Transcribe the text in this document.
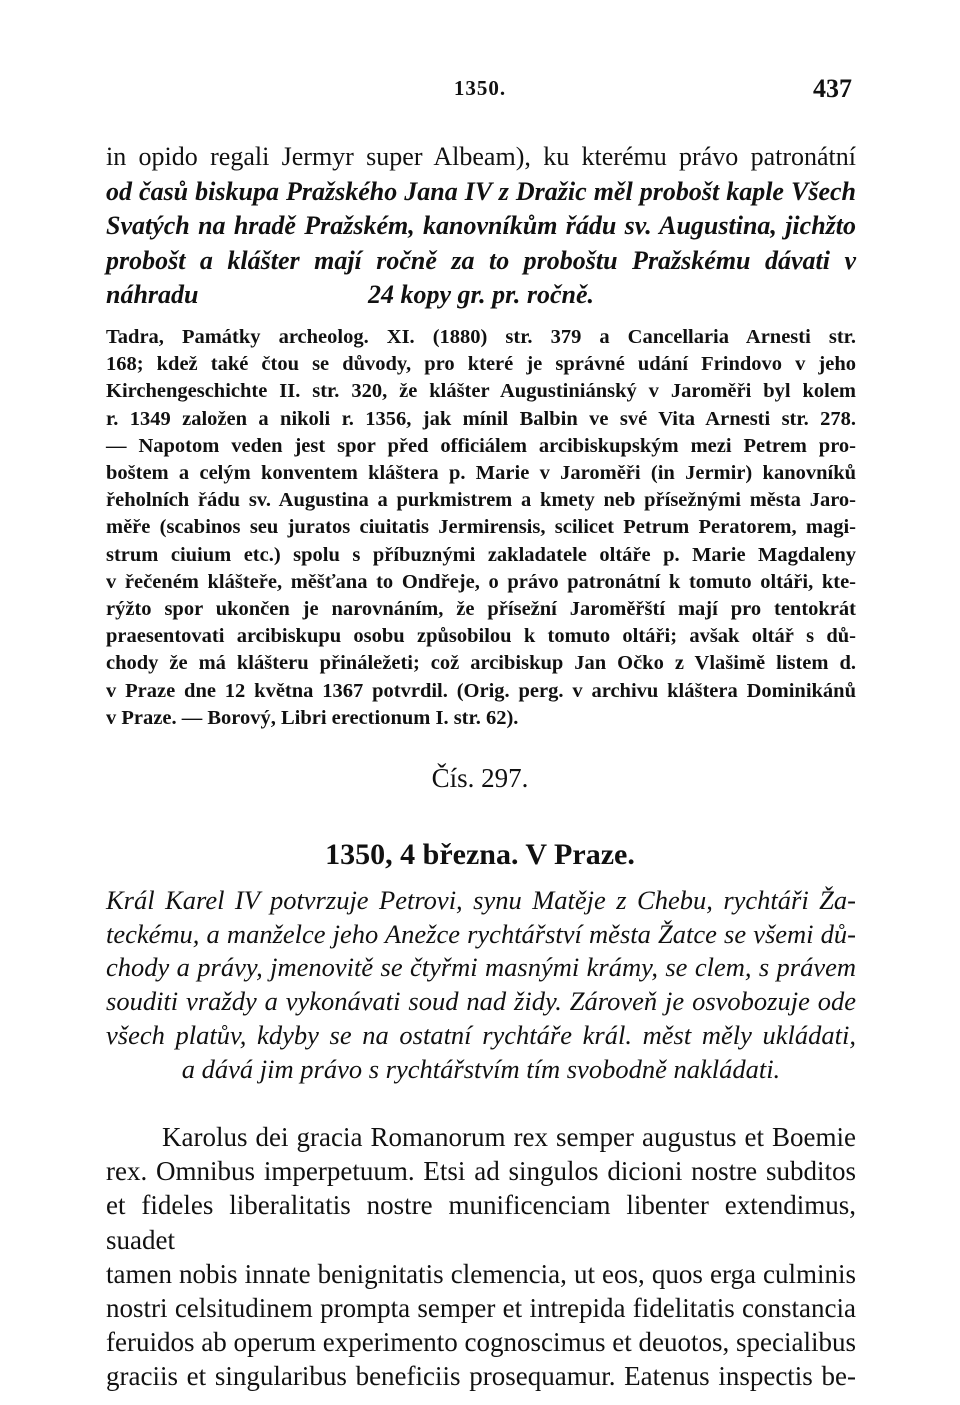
1350.	437
in opido regali Jermyr super Albeam), ku kterému právo patronátní
od časů biskupa Pražského Jana IV z Dražic měl probošt kaple Všech
Svatých na hradě Pražském, kanovníkům řádu sv. Augustina, jichžto
probošt a klášter mají ročně za to proboštu Pražskému dávati v náhradu	24 kopy gr. pr. ročně.
Tadra, Památky archeolog. XI. (1880) str. 379 a Cancellaria Arnesti str.
168; kdež také čtou se důvody, pro které je správné udání Frindovo v jeho
Kirchengeschichte II. str. 320, že klášter Augustiniánský v Jaroměři byl kolem
r. 1349 založen a nikoli r. 1356, jak mínil Balbin ve své Vita Arnesti str. 278.
— Napotom veden jest spor před officiálem arcibiskupským mezi Petrem pro-
boštem a celým konventem kláštera p. Marie v Jaroměři (in Jermir) kanovníků
řeholních řádu sv. Augustina a purkmistrem a kmety neb přísežnými města Jaro-
měře (scabinos seu juratos ciuitatis Jermirensis, scilicet Petrum Peratorem, magi-
strum ciuium etc.) spolu s příbuznými zakladatele oltáře p. Marie Magdaleny
v řečeném klášteře, měšťana to Ondřeje, o právo patronátní k tomuto oltáři, kte-
rýžto spor ukončen je narovnáním, že přísežní Jaroměřští mají pro tentokrát
praesentovati arcibiskupu osobu způsobilou k tomuto oltáři; avšak oltář s dů-
chody že má klášteru přináležeti; což arcibiskup Jan Očko z Vlašimě listem d.
v Praze dne 12 května 1367 potvrdil. (Orig. perg. v archivu kláštera Dominikánů
v Praze. — Borový, Libri erectionum I. str. 62).
Čís. 297.
1350, 4 března. V Praze.
Král Karel IV potvrzuje Petrovi, synu Matěje z Chebu, rychtáři Ža-
teckému, a manželce jeho Anežce rychtářství města Žatce se všemi dů-
chody a právy, jmenovitě se čtyřmi masnými krámy, se clem, s právem
souditi vraždy a vykonávati soud nad židy. Zároveň je osvobozuje ode
všech platův, kdyby se na ostatní rychtáře král. měst měly ukládati,
a dává jim právo s rychtářstvím tím svobodně nakládati.
Karolus dei gracia Romanorum rex semper augustus et Boemie
rex. Omnibus imperpetuum. Etsi ad singulos dicioni nostre subditos
et fideles liberalitatis nostre munificenciam libenter extendimus, suadet
tamen nobis innate benignitatis clemencia, ut eos, quos erga culminis
nostri celsitudinem prompta semper et intrepida fidelitatis constancia
feruidos ab operum experimento cognoscimus et deuotos, specialibus
graciis et singularibus beneficiis prosequamur. Eatenus inspectis be-
